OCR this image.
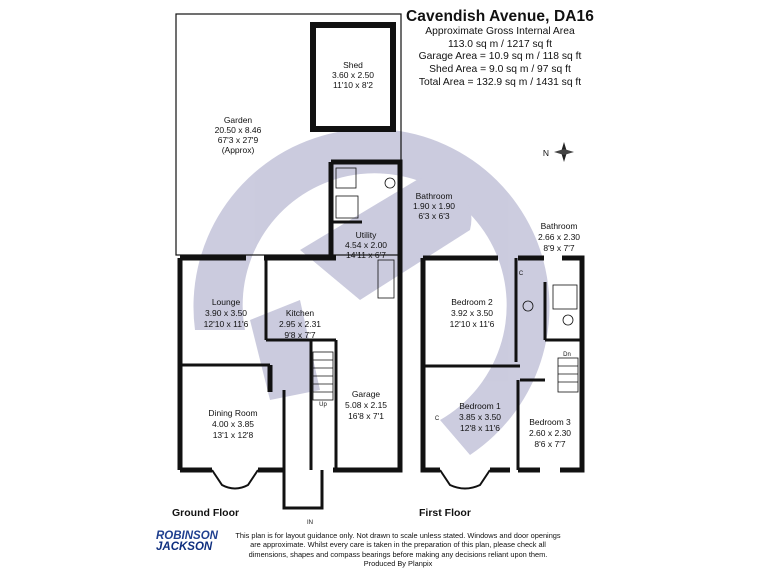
Shed
3.60 x 2.50
11'10 x 8'2
Garden
20.50 x 8.46
67'3 x 27'9
(Approx)
Bathroom
1.90 x 1.90
6'3 x 6'3
Utility
4.54 x 2.00
14'11 x 6'7
Lounge
3.90 x 3.50
12'10 x 11'6
Kitchen
2.95 x 2.31
9'8 x 7'7
Garage
5.08 x 2.15
16'8 x 7'1
Dining Room
4.00 x 3.85
13'1 x 12'8
Up
IN
Bathroom
2.66 x 2.30
8'9 x 7'7
Bedroom 2
3.92 x 3.50
12'10 x 11'6
Bedroom 1
3.85 x 3.50
12'8 x 11'6
Bedroom 3
2.60 x 2.30
8'6 x 7'7
Dn
C
C
N
Cavendish Avenue, DA16
Approximate Gross Internal Area
113.0 sq m / 1217 sq ft
Garage Area = 10.9 sq m / 118 sq ft
Shed Area = 9.0 sq m / 97 sq ft
Total Area = 132.9 sq m / 1431 sq ft
Ground Floor	First Floor
ROBINSON
JACKSON
This plan is for layout guidance only. Not drawn to scale unless stated. Windows and door openings
are approximate. Whilst every care is taken in the preparation of this plan, please check all
dimensions, shapes and compass bearings before making any decisions reliant upon them.
Produced By Planpix
